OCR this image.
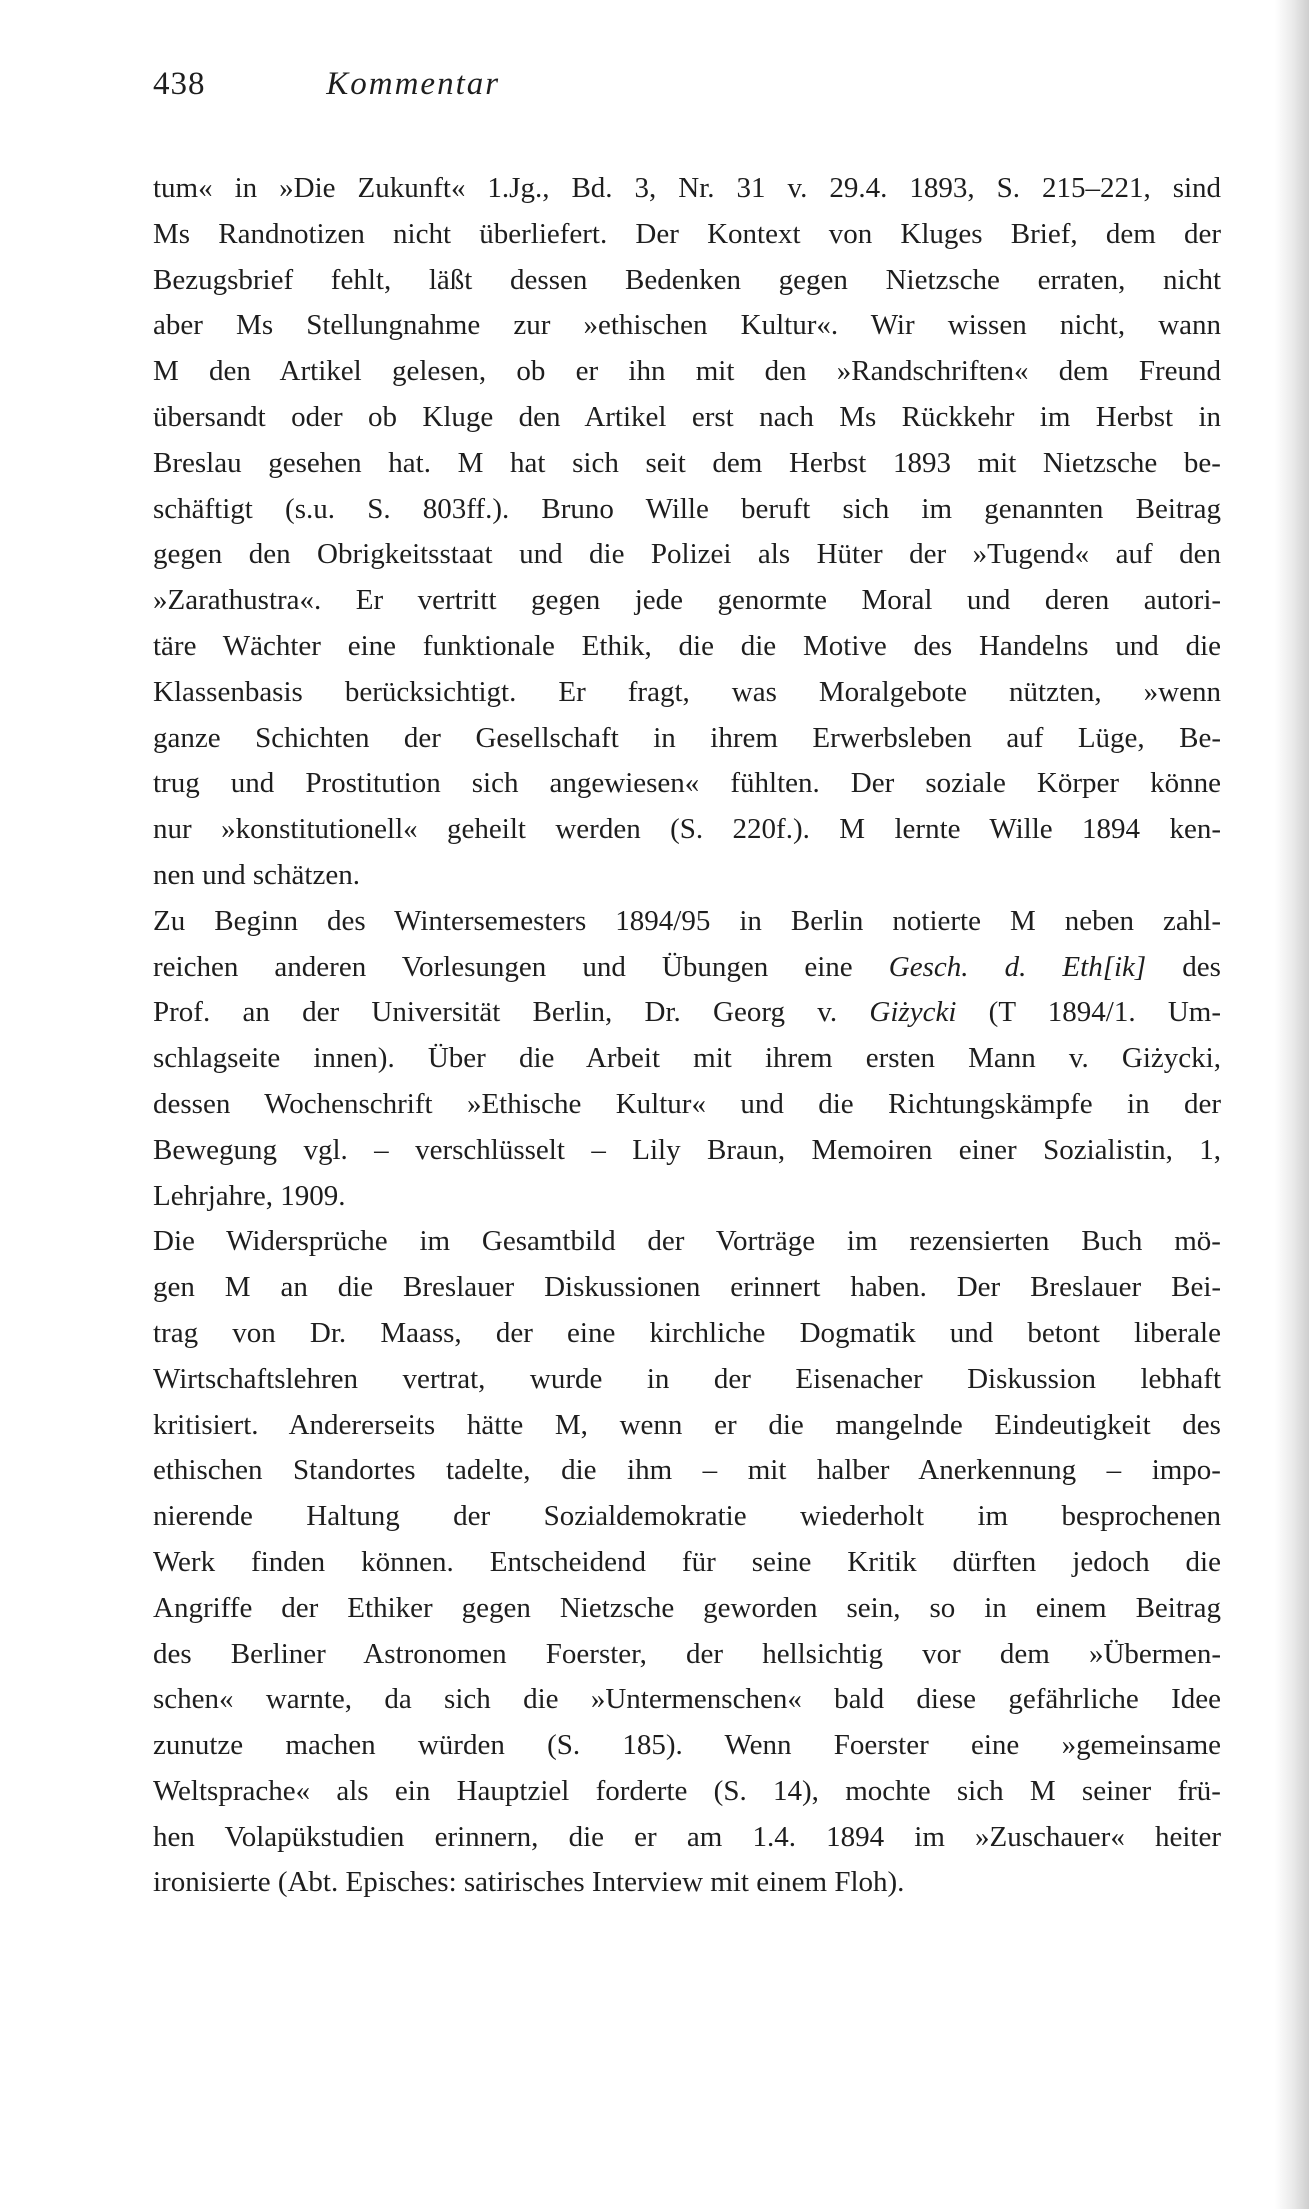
438	Kommentar
tum« in »Die Zukunft« 1.Jg., Bd. 3, Nr. 31 v. 29.4. 1893, S. 215–221, sind
Ms Randnotizen nicht überliefert. Der Kontext von Kluges Brief, dem der
Bezugsbrief fehlt, läßt dessen Bedenken gegen Nietzsche erraten, nicht
aber Ms Stellungnahme zur »ethischen Kultur«. Wir wissen nicht, wann
M den Artikel gelesen, ob er ihn mit den »Randschriften« dem Freund
übersandt oder ob Kluge den Artikel erst nach Ms Rückkehr im Herbst in
Breslau gesehen hat. M hat sich seit dem Herbst 1893 mit Nietzsche be-
schäftigt (s.u. S. 803ff.). Bruno Wille beruft sich im genannten Beitrag
gegen den Obrigkeitsstaat und die Polizei als Hüter der »Tugend« auf den
»Zarathustra«. Er vertritt gegen jede genormte Moral und deren autori-
täre Wächter eine funktionale Ethik, die die Motive des Handelns und die
Klassenbasis berücksichtigt. Er fragt, was Moralgebote nützten, »wenn
ganze Schichten der Gesellschaft in ihrem Erwerbsleben auf Lüge, Be-
trug und Prostitution sich angewiesen« fühlten. Der soziale Körper könne
nur »konstitutionell« geheilt werden (S. 220f.). M lernte Wille 1894 ken-
nen und schätzen.
Zu Beginn des Wintersemesters 1894/95 in Berlin notierte M neben zahl-
reichen anderen Vorlesungen und Übungen eine Gesch. d. Eth[ik] des
Prof. an der Universität Berlin, Dr. Georg v. Giżycki (T 1894/1. Um-
schlagseite innen). Über die Arbeit mit ihrem ersten Mann v. Giżycki,
dessen Wochenschrift »Ethische Kultur« und die Richtungskämpfe in der
Bewegung vgl. – verschlüsselt – Lily Braun, Memoiren einer Sozialistin, 1,
Lehrjahre, 1909.
Die Widersprüche im Gesamtbild der Vorträge im rezensierten Buch mö-
gen M an die Breslauer Diskussionen erinnert haben. Der Breslauer Bei-
trag von Dr. Maass, der eine kirchliche Dogmatik und betont liberale
Wirtschaftslehren vertrat, wurde in der Eisenacher Diskussion lebhaft
kritisiert. Andererseits hätte M, wenn er die mangelnde Eindeutigkeit des
ethischen Standortes tadelte, die ihm – mit halber Anerkennung – impo-
nierende Haltung der Sozialdemokratie wiederholt im besprochenen
Werk finden können. Entscheidend für seine Kritik dürften jedoch die
Angriffe der Ethiker gegen Nietzsche geworden sein, so in einem Beitrag
des Berliner Astronomen Foerster, der hellsichtig vor dem »Übermen-
schen« warnte, da sich die »Untermenschen« bald diese gefährliche Idee
zunutze machen würden (S. 185). Wenn Foerster eine »gemeinsame
Weltsprache« als ein Hauptziel forderte (S. 14), mochte sich M seiner frü-
hen Volapükstudien erinnern, die er am 1.4. 1894 im »Zuschauer« heiter
ironisierte (Abt. Episches: satirisches Interview mit einem Floh).
